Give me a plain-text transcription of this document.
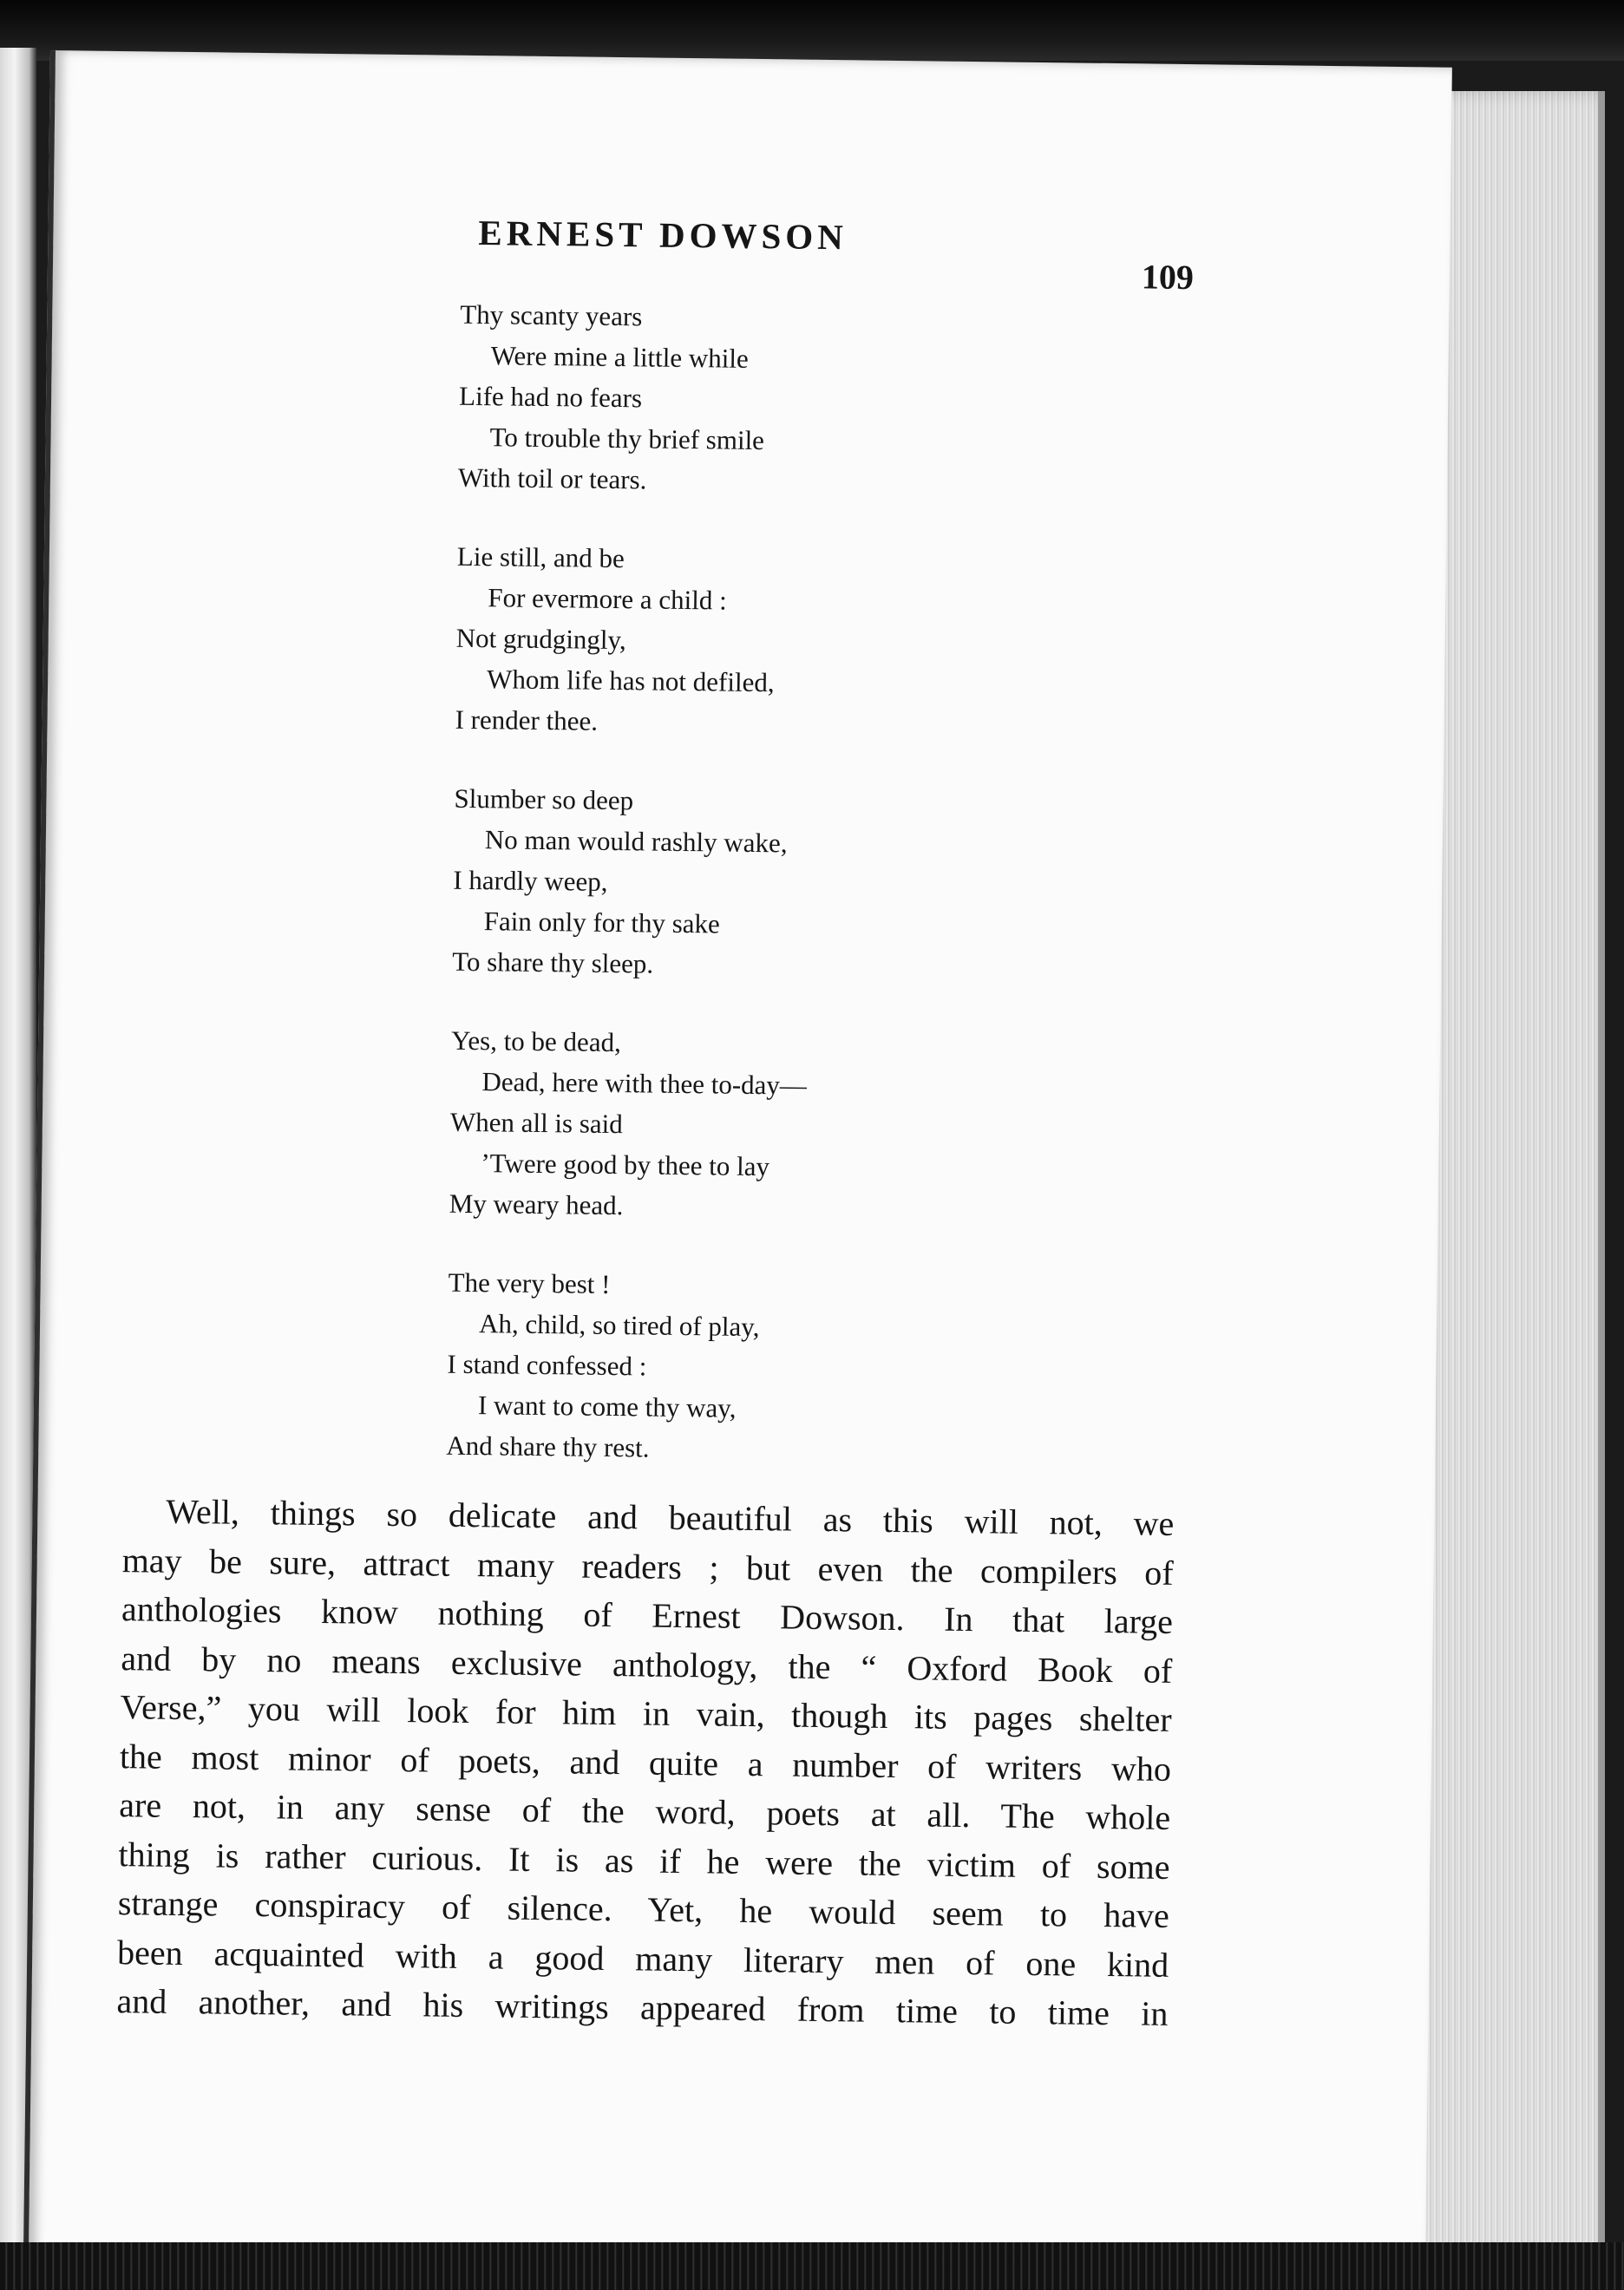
ERNEST DOWSON
109
Thy scanty years
Were mine a little while
Life had no fears
To trouble thy brief smile
With toil or tears.
Lie still, and be
For evermore a child :
Not grudgingly,
Whom life has not defiled,
I render thee.
Slumber so deep
No man would rashly wake,
I hardly weep,
Fain only for thy sake
To share thy sleep.
Yes, to be dead,
Dead, here with thee to-day—
When all is said
’Twere good by thee to lay
My weary head.
The very best !
Ah, child, so tired of play,
I stand confessed :
I want to come thy way,
And share thy rest.
Well, things so delicate and beautiful as this will not, we
may be sure, attract many readers ; but even the compilers of
anthologies know nothing of Ernest Dowson. In that large
and by no means exclusive anthology, the “ Oxford Book of
Verse,” you will look for him in vain, though its pages shelter
the most minor of poets, and quite a number of writers who
are not, in any sense of the word, poets at all. The whole
thing is rather curious. It is as if he were the victim of some
strange conspiracy of silence. Yet, he would seem to have
been acquainted with a good many literary men of one kind
and another, and his writings appeared from time to time in
